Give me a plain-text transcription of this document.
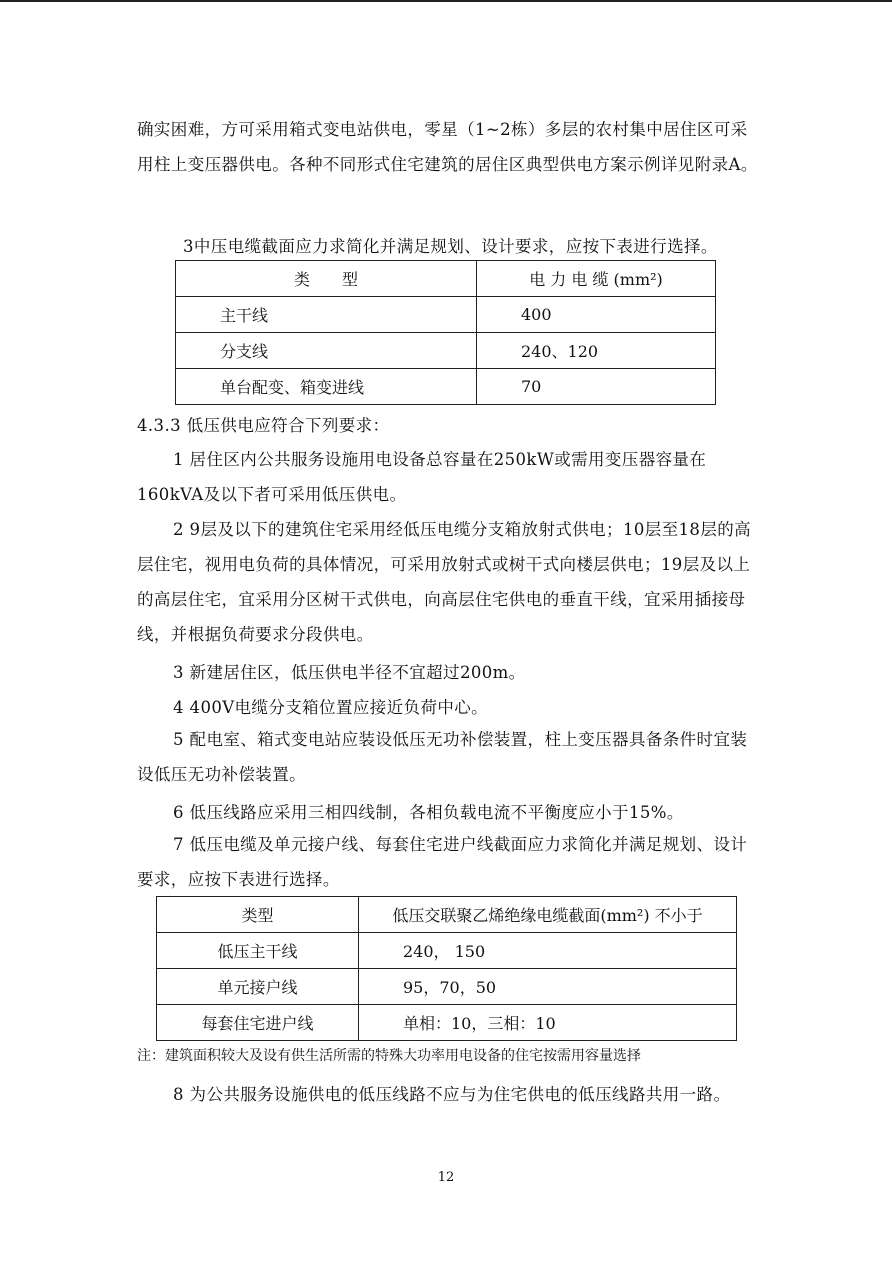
确实困难，方可采用箱式变电站供电，零星（1~2栋）多层的农村集中居住区可采用柱上变压器供电。各种不同形式住宅建筑的居住区典型供电方案示例详见附录A。
3中压电缆截面应力求简化并满足规划、设计要求，应按下表进行选择。
类　　型	电 力 电 缆 (mm²)
主干线	400
分支线	240、120
单台配变、箱变进线	70
4.3.3 低压供电应符合下列要求：
1 居住区内公共服务设施用电设备总容量在250kW或需用变压器容量在160kVA及以下者可采用低压供电。
2 9层及以下的建筑住宅采用经低压电缆分支箱放射式供电；10层至18层的高层住宅，视用电负荷的具体情况，可采用放射式或树干式向楼层供电；19层及以上的高层住宅，宜采用分区树干式供电，向高层住宅供电的垂直干线，宜采用插接母线，并根据负荷要求分段供电。
3 新建居住区，低压供电半径不宜超过200m。
4 400V电缆分支箱位置应接近负荷中心。
5 配电室、箱式变电站应装设低压无功补偿装置，柱上变压器具备条件时宜装设低压无功补偿装置。
6 低压线路应采用三相四线制，各相负载电流不平衡度应小于15%。
7 低压电缆及单元接户线、每套住宅进户线截面应力求简化并满足规划、设计要求，应按下表进行选择。
类型	低压交联聚乙烯绝缘电缆截面(mm²) 不小于
低压主干线	240， 150
单元接户线	95，70，50
每套住宅进户线	单相：10，三相：10
注：建筑面积较大及设有供生活所需的特殊大功率用电设备的住宅按需用容量选择
8 为公共服务设施供电的低压线路不应与为住宅供电的低压线路共用一路。
12
